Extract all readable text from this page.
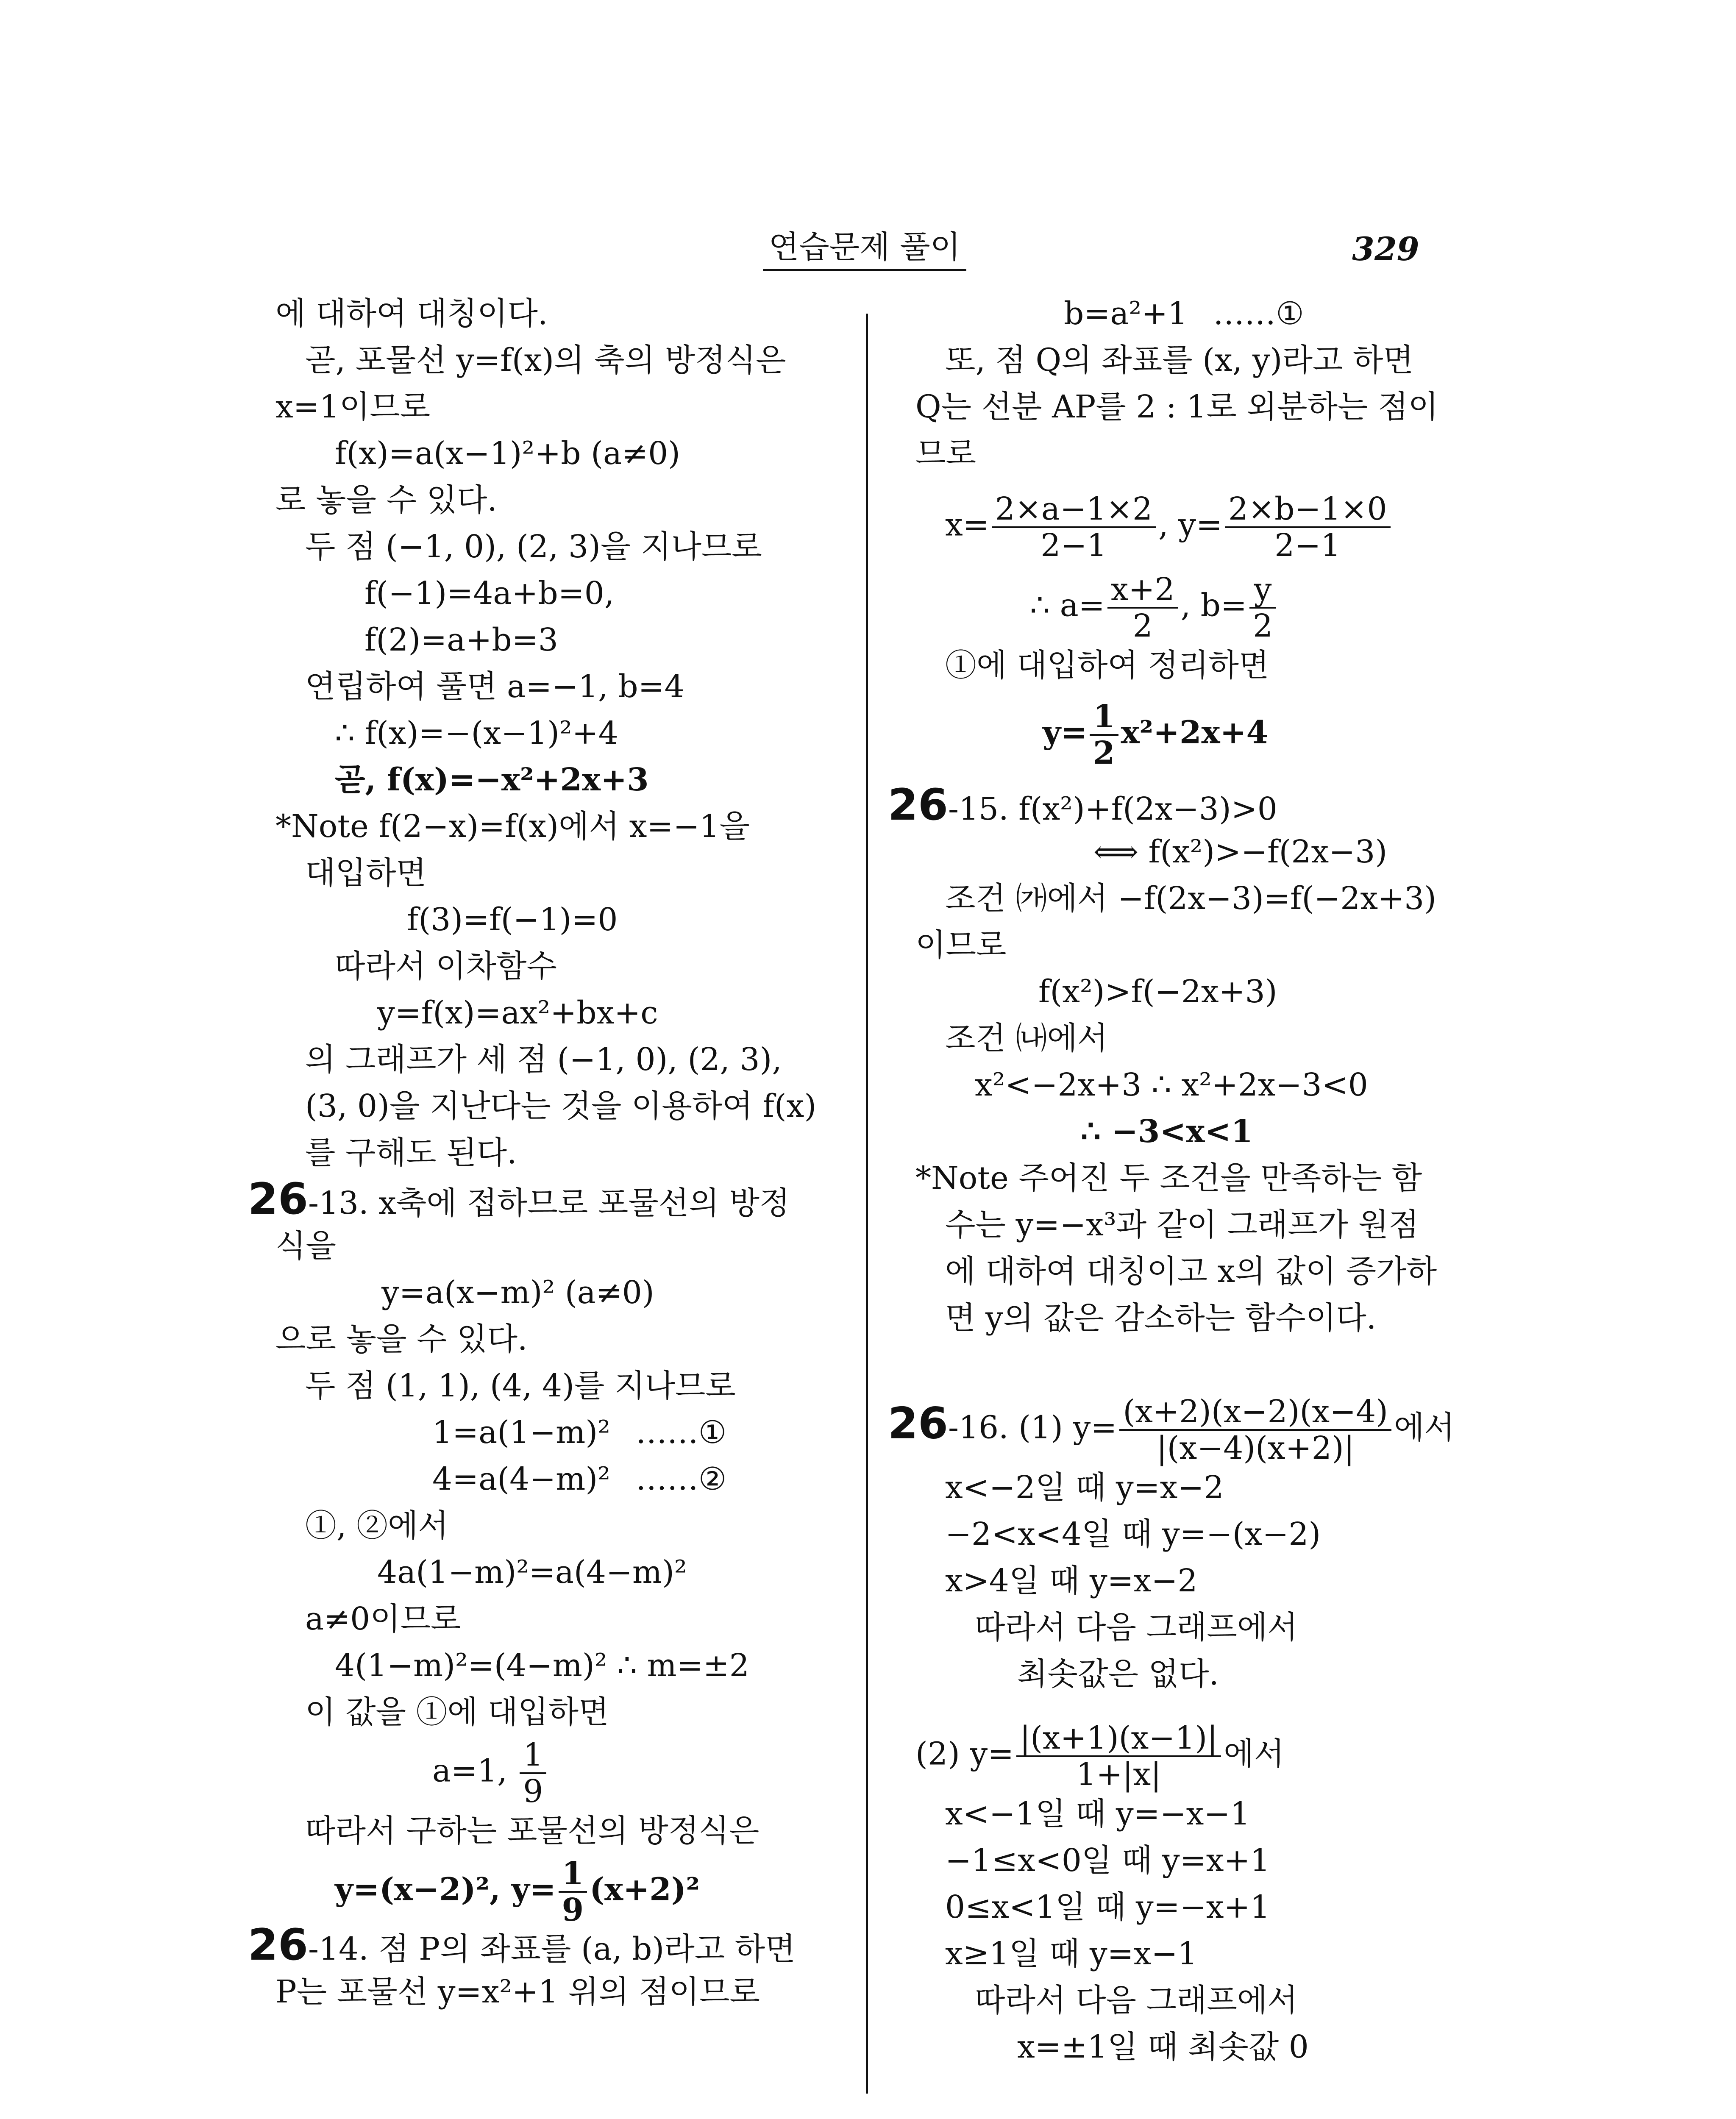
연습문제 풀이	329
에 대하여 대칭이다.
곧, 포물선 y=f(x)의 축의 방정식은
x=1이므로
f(x)=a(x−1)²+b (a≠0)
로 놓을 수 있다.
두 점 (−1, 0), (2, 3)을 지나므로
f(−1)=4a+b=0,
f(2)=a+b=3
연립하여 풀면 a=−1, b=4
∴ f(x)=−(x−1)²+4
곧, f(x)=−x²+2x+3
*Note f(2−x)=f(x)에서 x=−1을
대입하면
f(3)=f(−1)=0
따라서 이차함수
y=f(x)=ax²+bx+c
의 그래프가 세 점 (−1, 0), (2, 3),
(3, 0)을 지난다는 것을 이용하여 f(x)
를 구해도 된다.
26-13. x축에 접하므로 포물선의 방정
식을
y=a(x−m)² (a≠0)
으로 놓을 수 있다.
두 점 (1, 1), (4, 4)를 지나므로
1=a(1−m)² ……①
4=a(4−m)² ……②
①, ②에서
4a(1−m)²=a(4−m)²
a≠0이므로
4(1−m)²=(4−m)² ∴ m=±2
이 값을 ①에 대입하면
a=1, $\frac{1}{9}$
따라서 구하는 포물선의 방정식은
y=(x−2)², $y= \frac{1}{9} (x+2)^2$
26-14. 점 P의 좌표를 (a, b)라고 하면
P는 포물선 y=x²+1 위의 점이므로
b=a²+1 ……①
또, 점 Q의 좌표를 (x, y)라고 하면
Q는 선분 AP를 2 : 1로 외분하는 점이
므로
$x= \frac{2\times a-1\times 2}{2-1}$ , $y= \frac{2\times b-1\times 0}{2-1}$
∴ $a= \frac{x+2}{2}$ , $b= \frac{y}{2}$
①에 대입하여 정리하면
$y= \frac{1}{2} x^2+2x+4$
26-15. f(x²)+f(2x−3)>0
⟺ f(x²)>−f(2x−3)
조건 ㈎에서 −f(2x−3)=f(−2x+3)
이므로
f(x²)>f(−2x+3)
조건 ㈏에서
x²<−2x+3 ∴ x²+2x−3<0
∴ −3<x<1
*Note 주어진 두 조건을 만족하는 함
수는 y=−x³과 같이 그래프가 원점
에 대하여 대칭이고 x의 값이 증가하
면 y의 값은 감소하는 함수이다.
26-16. (1) $y= \frac{(x+2)(x-2)(x-4)}{|(x-4)(x+2)|}$ 에서
x<−2일 때 y=x−2
−2<x<4일 때 y=−(x−2)
x>4일 때 y=x−2
따라서 다음 그래프에서
최솟값은 없다.
(2) $y= \frac{|(x+1)(x-1)|}{1+|x|}$ 에서
x<−1일 때 y=−x−1
−1≤x<0일 때 y=x+1
0≤x<1일 때 y=−x+1
x≥1일 때 y=x−1
따라서 다음 그래프에서
x=±1일 때 최솟값 0
